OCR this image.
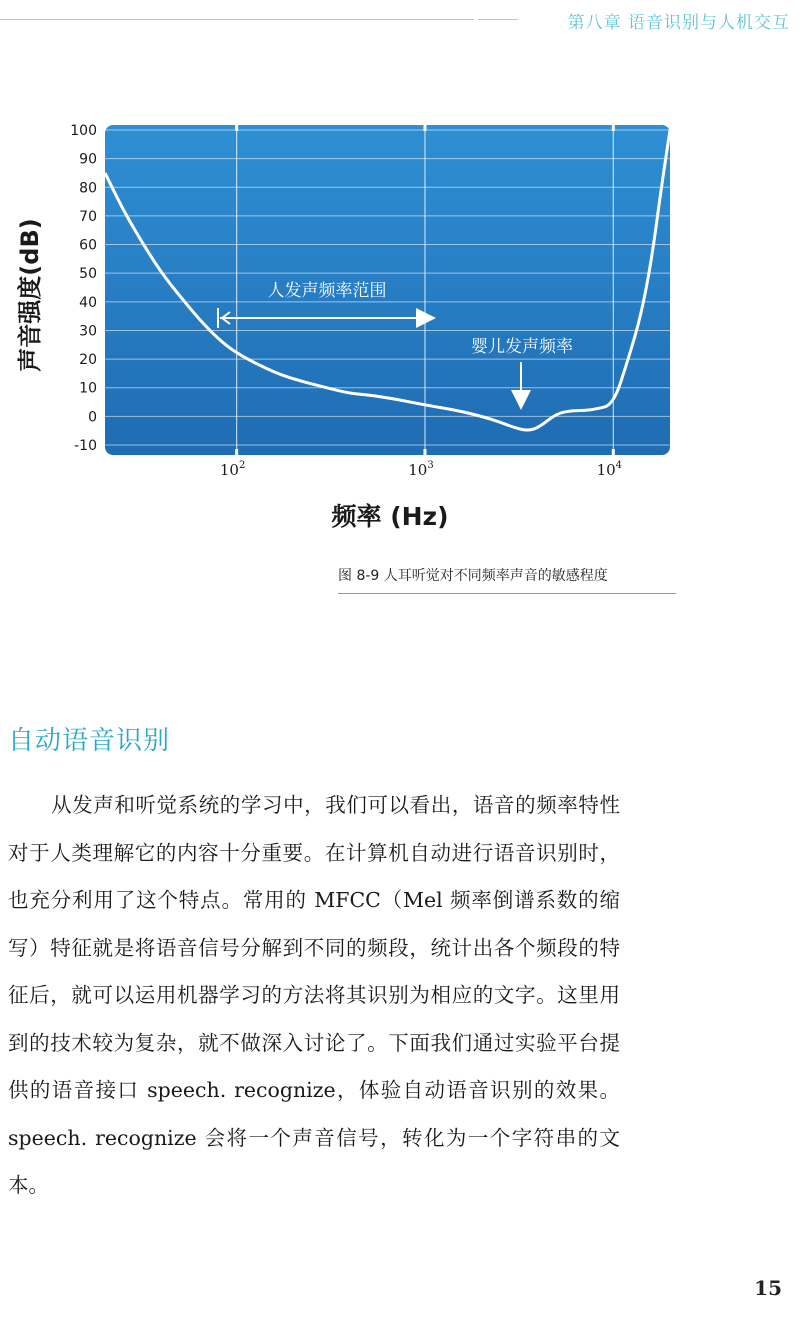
第八章 语音识别与人机交互
100
90
80
70
60
50
40
30
20
10
0
-10
$10^2$	$10^3$	$10^4$
人发声频率范围
婴儿发声频率
频率 (Hz)
声音强度(dB)
图 8-9 人耳听觉对不同频率声音的敏感程度
自动语音识别

从发声和听觉系统的学习中，我们可以看出，语音的频率特性对于人类理解它的内容十分重要。在计算机自动进行语音识别时，也充分利用了这个特点。常用的 MFCC（Mel 频率倒谱系数的缩写）特征就是将语音信号分解到不同的频段，统计出各个频段的特征后，就可以运用机器学习的方法将其识别为相应的文字。这里用到的技术较为复杂，就不做深入讨论了。下面我们通过实验平台提供的语音接口 speech. recognize，体验自动语音识别的效果。speech. recognize 会将一个声音信号，转化为一个字符串的文本。

15
